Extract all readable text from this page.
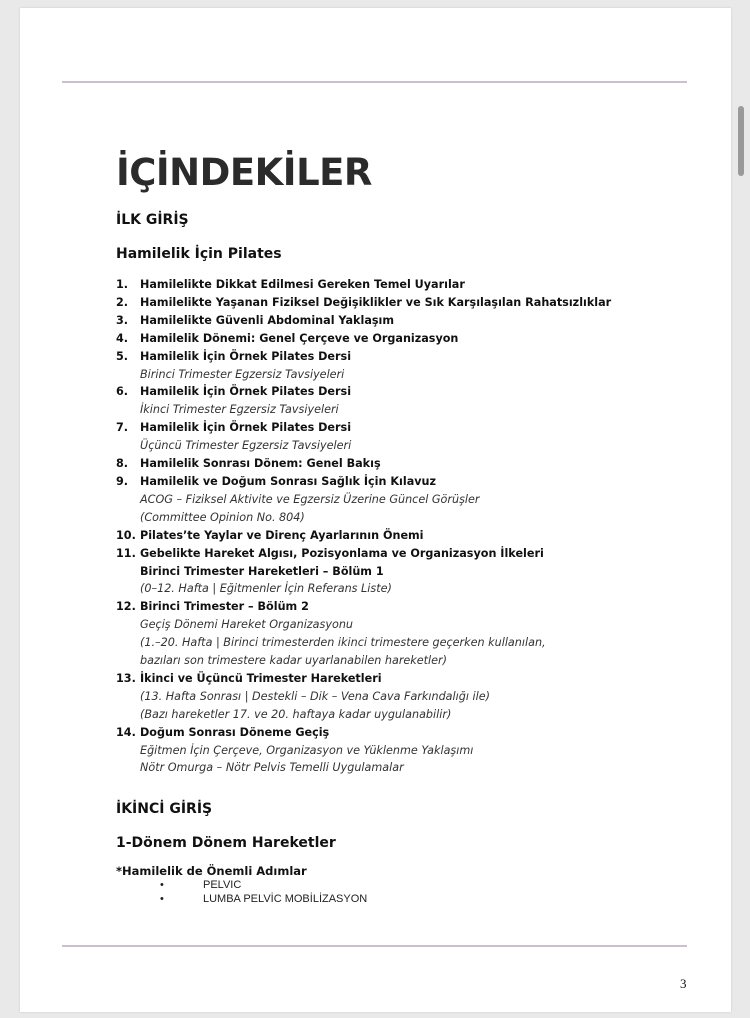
İÇİNDEKİLER
İLK GİRİŞ
Hamilelik İçin Pilates
1. Hamilelikte Dikkat Edilmesi Gereken Temel Uyarılar
2. Hamilelikte Yaşanan Fiziksel Değişiklikler ve Sık Karşılaşılan Rahatsızlıklar
3. Hamilelikte Güvenli Abdominal Yaklaşım
4. Hamilelik Dönemi: Genel Çerçeve ve Organizasyon
5. Hamilelik İçin Örnek Pilates Dersi
Birinci Trimester Egzersiz Tavsiyeleri
6. Hamilelik İçin Örnek Pilates Dersi
İkinci Trimester Egzersiz Tavsiyeleri
7. Hamilelik İçin Örnek Pilates Dersi
Üçüncü Trimester Egzersiz Tavsiyeleri
8. Hamilelik Sonrası Dönem: Genel Bakış
9. Hamilelik ve Doğum Sonrası Sağlık İçin Kılavuz
ACOG – Fiziksel Aktivite ve Egzersiz Üzerine Güncel Görüşler
(Committee Opinion No. 804)
10. Pilates’te Yaylar ve Direnç Ayarlarının Önemi
11. Gebelikte Hareket Algısı, Pozisyonlama ve Organizasyon İlkeleri
Birinci Trimester Hareketleri – Bölüm 1
(0–12. Hafta | Eğitmenler İçin Referans Liste)
12. Birinci Trimester – Bölüm 2
Geçiş Dönemi Hareket Organizasyonu
(1.–20. Hafta | Birinci trimesterden ikinci trimestere geçerken kullanılan,
bazıları son trimestere kadar uyarlanabilen hareketler)
13. İkinci ve Üçüncü Trimester Hareketleri
(13. Hafta Sonrası | Destekli – Dik – Vena Cava Farkındalığı ile)
(Bazı hareketler 17. ve 20. haftaya kadar uygulanabilir)
14. Doğum Sonrası Döneme Geçiş
Eğitmen İçin Çerçeve, Organizasyon ve Yüklenme Yaklaşımı
Nötr Omurga – Nötr Pelvis Temelli Uygulamalar
İKİNCİ GİRİŞ
1-Dönem Dönem Hareketler

*Hamilelik de Önemli Adımlar

• PELVIC
• LUMBA PELVİC MOBİLİZASYON
3
